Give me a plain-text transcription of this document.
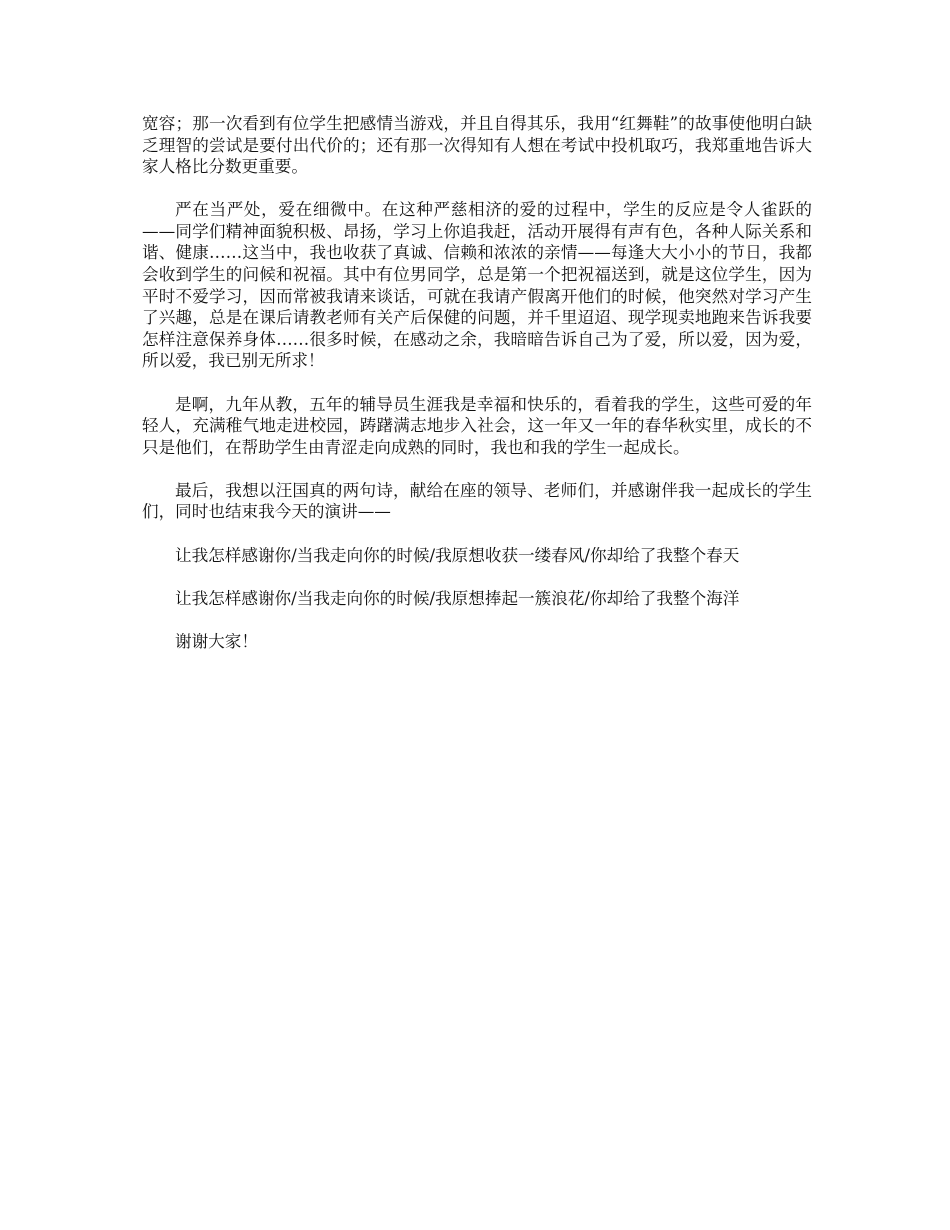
宽容；那一次看到有位学生把感情当游戏，并且自得其乐，我用“红舞鞋”的故事使他明白缺乏理智的尝试是要付出代价的；还有那一次得知有人想在考试中投机取巧，我郑重地告诉大家人格比分数更重要。

严在当严处，爱在细微中。在这种严慈相济的爱的过程中，学生的反应是令人雀跃的——同学们精神面貌积极、昂扬，学习上你追我赶，活动开展得有声有色，各种人际关系和谐、健康……这当中，我也收获了真诚、信赖和浓浓的亲情——每逢大大小小的节日，我都会收到学生的问候和祝福。其中有位男同学，总是第一个把祝福送到，就是这位学生，因为平时不爱学习，因而常被我请来谈话，可就在我请产假离开他们的时候，他突然对学习产生了兴趣，总是在课后请教老师有关产后保健的问题，并千里迢迢、现学现卖地跑来告诉我要怎样注意保养身体……很多时候，在感动之余，我暗暗告诉自己为了爱，所以爱，因为爱，所以爱，我已别无所求！

是啊，九年从教，五年的辅导员生涯我是幸福和快乐的，看着我的学生，这些可爱的年轻人，充满稚气地走进校园，踌躇满志地步入社会，这一年又一年的春华秋实里，成长的不只是他们，在帮助学生由青涩走向成熟的同时，我也和我的学生一起成长。

最后，我想以汪国真的两句诗，献给在座的领导、老师们，并感谢伴我一起成长的学生们，同时也结束我今天的演讲——

让我怎样感谢你/当我走向你的时候/我原想收获一缕春风/你却给了我整个春天

让我怎样感谢你/当我走向你的时候/我原想捧起一簇浪花/你却给了我整个海洋

谢谢大家！
